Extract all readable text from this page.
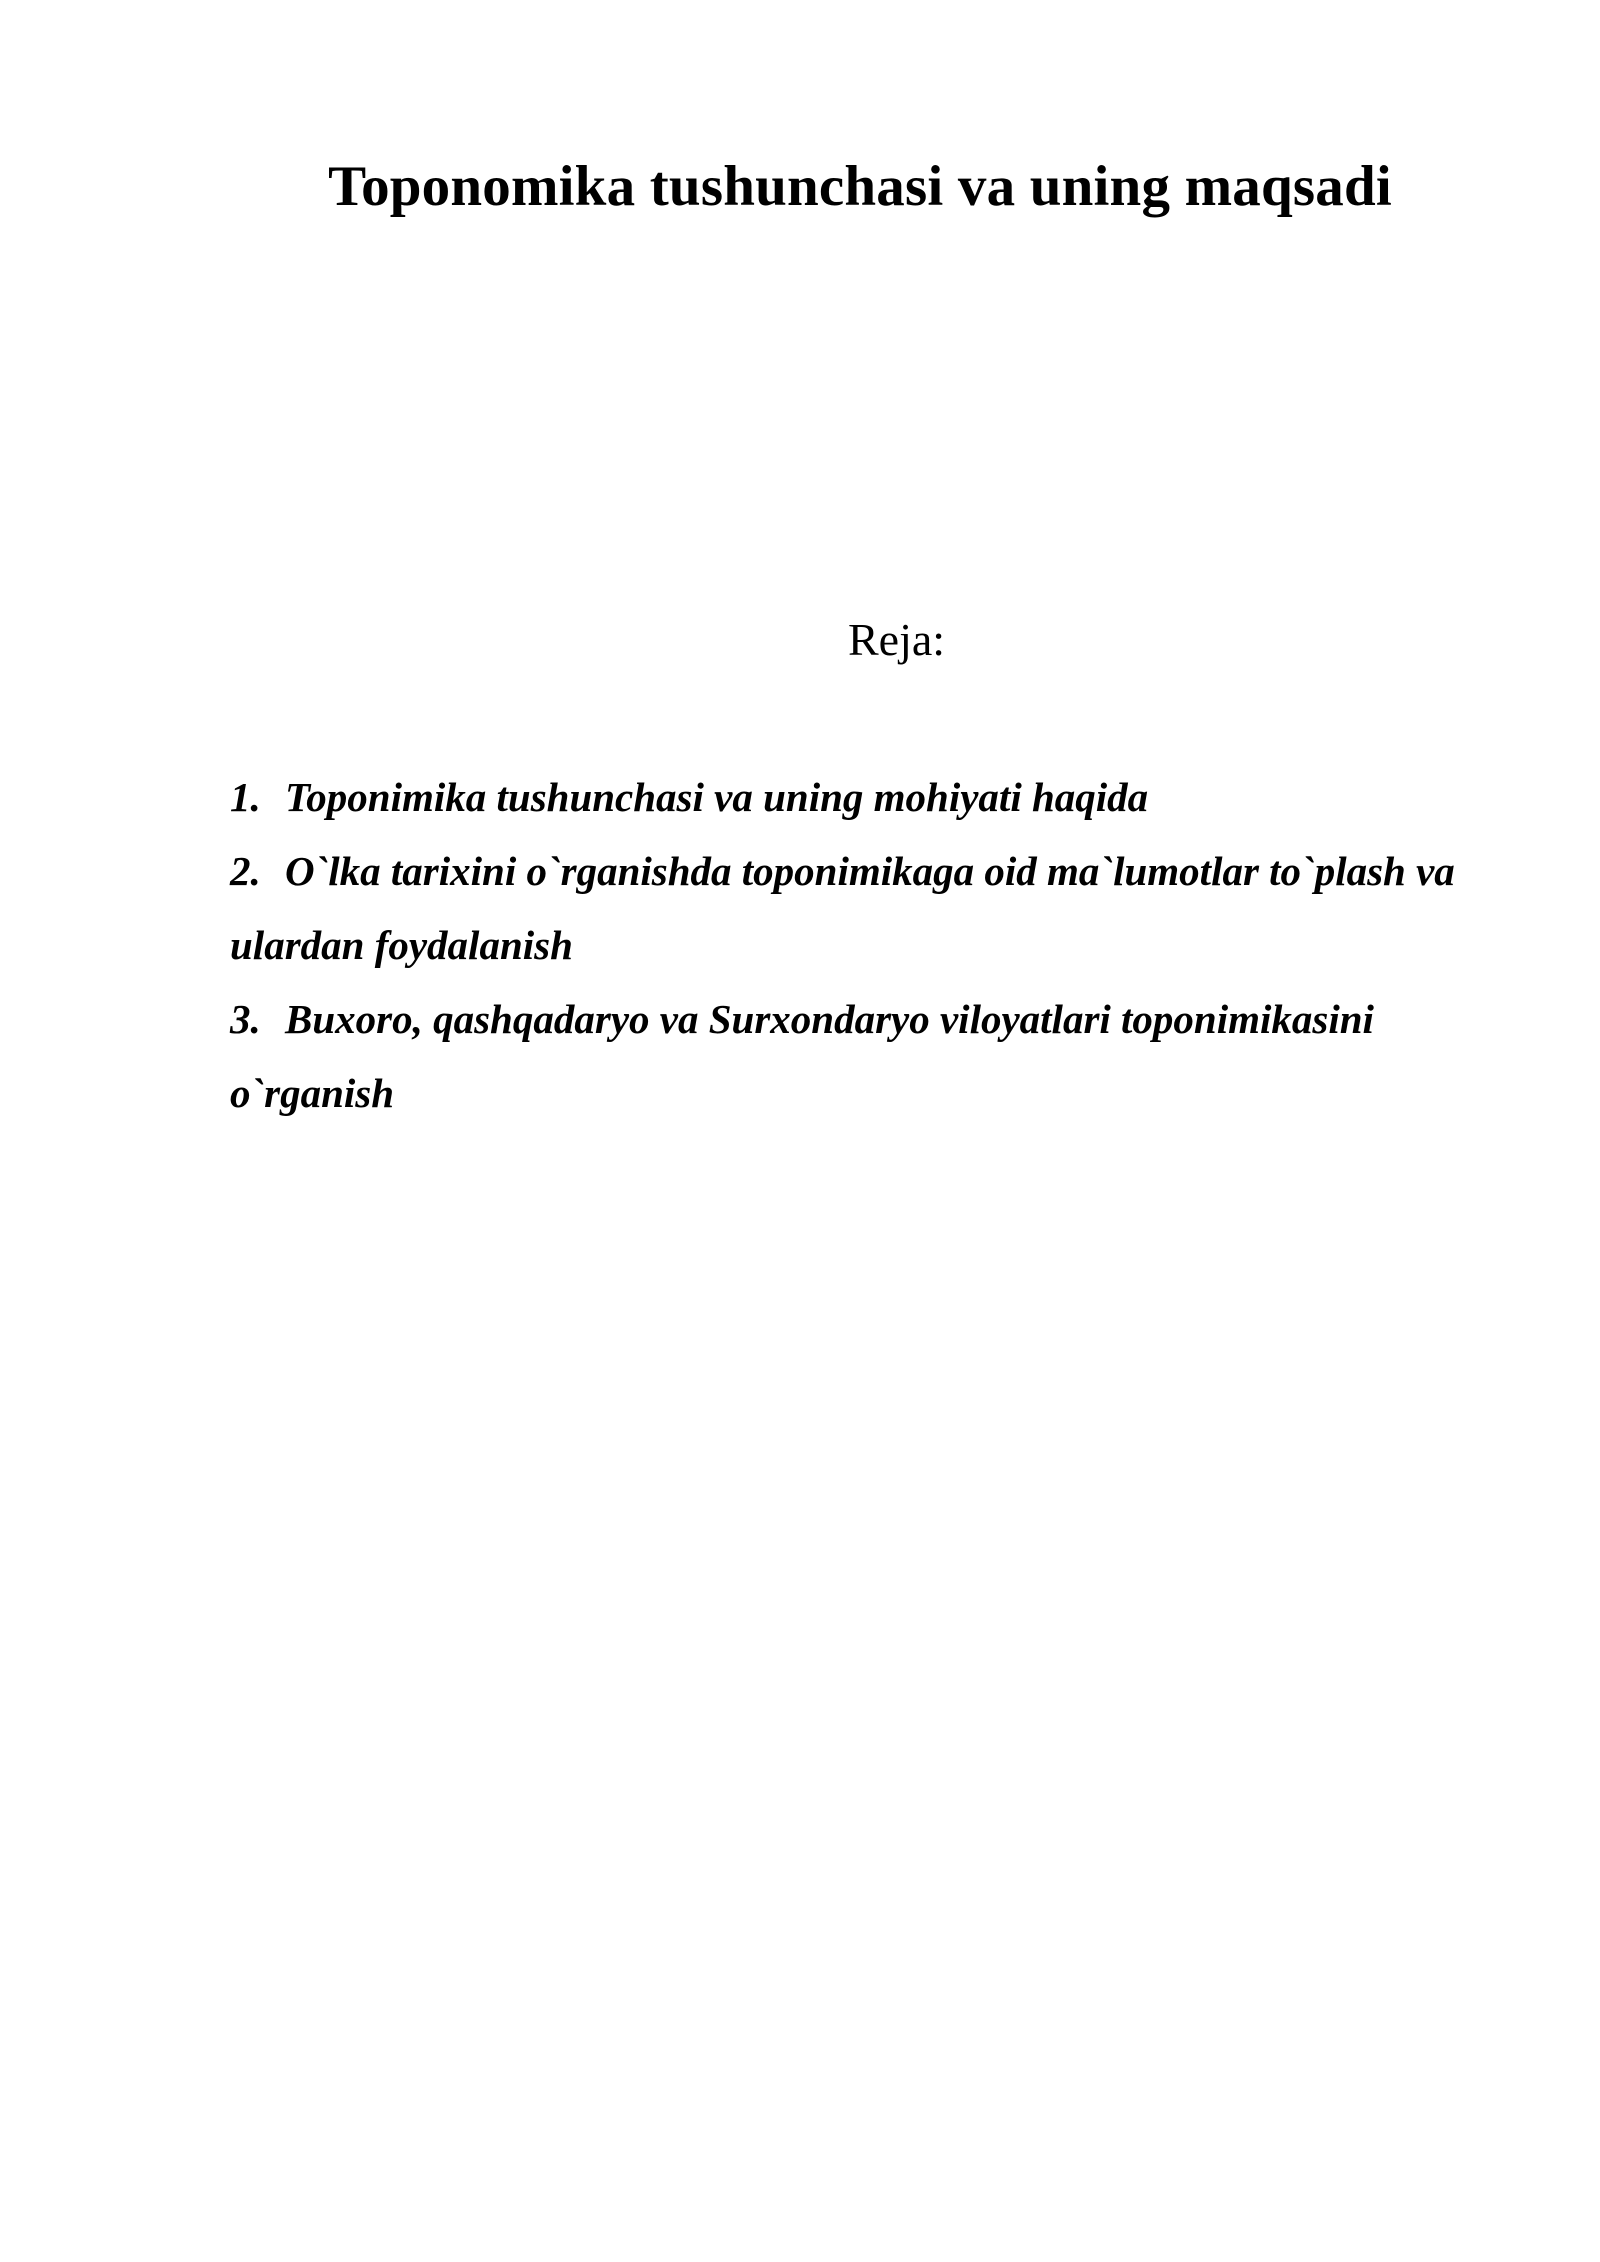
Toponomika tushunchasi va uning maqsadi
Reja:
1. Toponimika tushunchasi va uning mohiyati haqida
2. O`lka tarixini o`rganishda toponimikaga oid ma`lumotlar to`plash va ulardan foydalanish
3. Buxoro, qashqadaryo va Surxondaryo viloyatlari toponimikasini o`rganish
